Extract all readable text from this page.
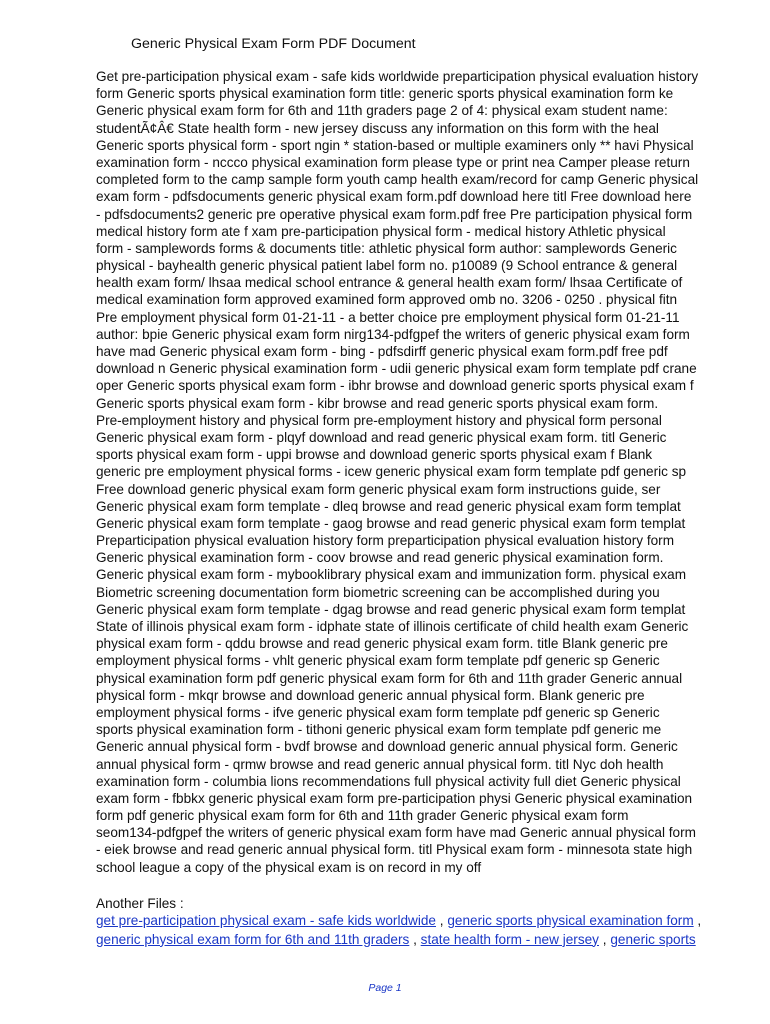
Generic Physical Exam Form PDF Document
Get pre-participation physical exam - safe kids worldwide preparticipation physical evaluation history
form Generic sports physical examination form title: generic sports physical examination form ke
Generic physical exam form for 6th and 11th graders page 2 of 4: physical exam student name:
studentÃ¢Â€ State health form - new jersey discuss any information on this form with the heal
Generic sports physical form - sport ngin * station-based or multiple examiners only ** havi Physical
examination form - nccco physical examination form please type or print nea Camper please return
completed form to the camp sample form youth camp health exam/record for camp Generic physical
exam form - pdfsdocuments generic physical exam form.pdf download here titl Free download here
- pdfsdocuments2 generic pre operative physical exam form.pdf free Pre participation physical form
medical history form ate f xam pre-participation physical form - medical history Athletic physical
form - samplewords forms & documents title: athletic physical form author: samplewords Generic
physical - bayhealth generic physical patient label form no. p10089 (9 School entrance & general
health exam form/ lhsaa medical school entrance & general health exam form/ lhsaa Certificate of
medical examination form approved examined form approved omb no. 3206 - 0250 . physical fitn
Pre employment physical form 01-21-11 - a better choice pre employment physical form 01-21-11
author: bpie Generic physical exam form nirg134-pdfgpef the writers of generic physical exam form
have mad Generic physical exam form - bing - pdfsdirff generic physical exam form.pdf free pdf
download n Generic physical examination form - udii generic physical exam form template pdf crane
oper Generic sports physical exam form - ibhr browse and download generic sports physical exam f
Generic sports physical exam form - kibr browse and read generic sports physical exam form.
Pre-employment history and physical form pre-employment history and physical form personal
Generic physical exam form - plqyf download and read generic physical exam form. titl Generic
sports physical exam form - uppi browse and download generic sports physical exam f Blank
generic pre employment physical forms - icew generic physical exam form template pdf generic sp
Free download generic physical exam form generic physical exam form instructions guide, ser
Generic physical exam form template - dleq browse and read generic physical exam form templat
Generic physical exam form template - gaog browse and read generic physical exam form templat
Preparticipation physical evaluation history form preparticipation physical evaluation history form
Generic physical examination form - coov browse and read generic physical examination form.
Generic physical exam form - mybooklibrary physical exam and immunization form. physical exam
Biometric screening documentation form biometric screening can be accomplished during you
Generic physical exam form template - dgag browse and read generic physical exam form templat
State of illinois physical exam form - idphate state of illinois certificate of child health exam Generic
physical exam form - qddu browse and read generic physical exam form. title Blank generic pre
employment physical forms - vhlt generic physical exam form template pdf generic sp Generic
physical examination form pdf generic physical exam form for 6th and 11th grader Generic annual
physical form - mkqr browse and download generic annual physical form. Blank generic pre
employment physical forms - ifve generic physical exam form template pdf generic sp Generic
sports physical examination form - tithoni generic physical exam form template pdf generic me
Generic annual physical form - bvdf browse and download generic annual physical form. Generic
annual physical form - qrmw browse and read generic annual physical form. titl Nyc doh health
examination form - columbia lions recommendations full physical activity full diet Generic physical
exam form - fbbkx generic physical exam form pre-participation physi Generic physical examination
form pdf generic physical exam form for 6th and 11th grader Generic physical exam form
seom134-pdfgpef the writers of generic physical exam form have mad Generic annual physical form
- eiek browse and read generic annual physical form. titl Physical exam form - minnesota state high
school league a copy of the physical exam is on record in my off
Another Files :
get pre-participation physical exam - safe kids worldwide , generic sports physical examination form ,
generic physical exam form for 6th and 11th graders , state health form - new jersey , generic sports
Page 1
